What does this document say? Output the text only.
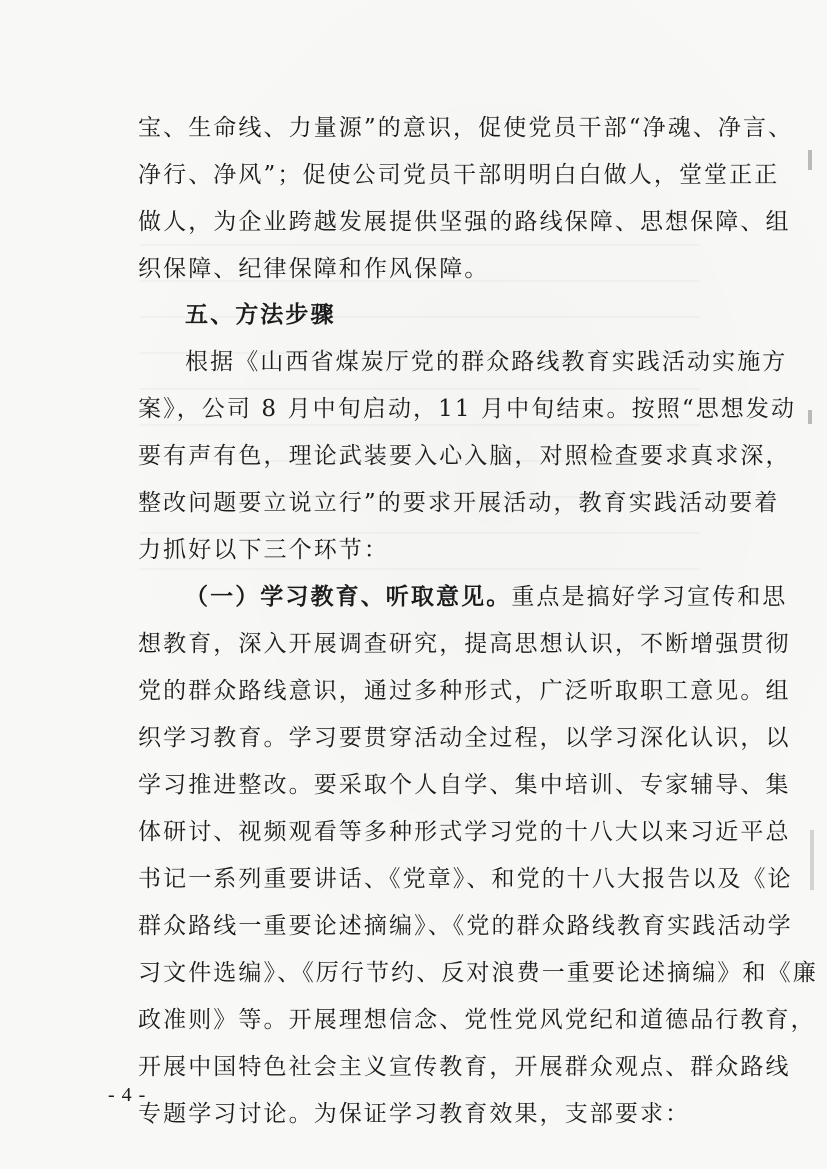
宝、生命线、力量源”的意识，促使党员干部“净魂、净言、
净行、净风”；促使公司党员干部明明白白做人，堂堂正正
做人，为企业跨越发展提供坚强的路线保障、思想保障、组
织保障、纪律保障和作风保障。
五、方法步骤
根据《山西省煤炭厅党的群众路线教育实践活动实施方
案》，公司 8 月中旬启动，11 月中旬结束。按照“思想发动
要有声有色，理论武装要入心入脑，对照检查要求真求深，
整改问题要立说立行”的要求开展活动，教育实践活动要着
力抓好以下三个环节：
（一）学习教育、听取意见。重点是搞好学习宣传和思
想教育，深入开展调查研究，提高思想认识，不断增强贯彻
党的群众路线意识，通过多种形式，广泛听取职工意见。组
织学习教育。学习要贯穿活动全过程，以学习深化认识，以
学习推进整改。要采取个人自学、集中培训、专家辅导、集
体研讨、视频观看等多种形式学习党的十八大以来习近平总
书记一系列重要讲话、《党章》、和党的十八大报告以及《论
群众路线一重要论述摘编》、《党的群众路线教育实践活动学
习文件选编》、《厉行节约、反对浪费一重要论述摘编》和《廉
政准则》等。开展理想信念、党性党风党纪和道德品行教育，
开展中国特色社会主义宣传教育，开展群众观点、群众路线
专题学习讨论。为保证学习教育效果，支部要求：
- 4 -
